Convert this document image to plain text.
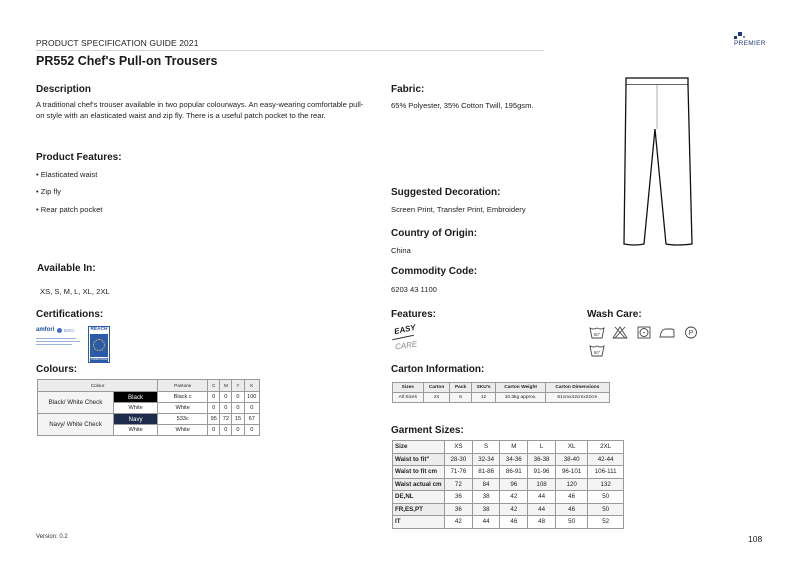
PRODUCT SPECIFICATION GUIDE 2021
PR552 Chef's Pull-on Trousers
PREMIER
Description
A traditional chef's trouser available in two popular colourways. An easy-wearing comfortable pull-on style with an elasticated waist and zip fly. There is a useful patch pocket to the rear.
Product Features:
• Elasticated waist
• Zip fly
• Rear patch pocket
Available In:
XS, S, M, L, XL, 2XL
Certifications:
amfori BSCI	REACH
COMPLIANCE
Colours:
Colour		Pantone	C	M	Y	K
Black/ White Check	Black	Black c	0	0	0	100
	White	White	0	0	0	0
Navy/ White Check	Navy	533c	95	72	15	67
	White	White	0	0	0	0
Fabric:
65% Polyester, 35% Cotton Twill, 195gsm.
Suggested Decoration:
Screen Print, Transfer Print, Embroidery
Country of Origin:
China
Commodity Code:
6203 43 1100
Features:
EASY
CARE
Wash Care:
60°
	P

60°
Carton Information:
Sizes	Carton	Pack	SKU's	Carton Weight	Carton Dimensions
All Sizes	24	6	12	10.3kg approx.	61cmx42cmx22cm
Garment Sizes:
Size	XS	S	M	L	XL	2XL
Waist to fit"	28-30	32-34	34-36	36-38	38-40	42-44
Waist to fit cm	71-76	81-86	86-91	91-96	96-101	106-111
Waist actual cm	72	84	96	108	120	132
DE,NL	36	38	42	44	46	50
FR,ES,PT	36	38	42	44	46	50
IT	42	44	46	48	50	52
Version: 0.2	108
